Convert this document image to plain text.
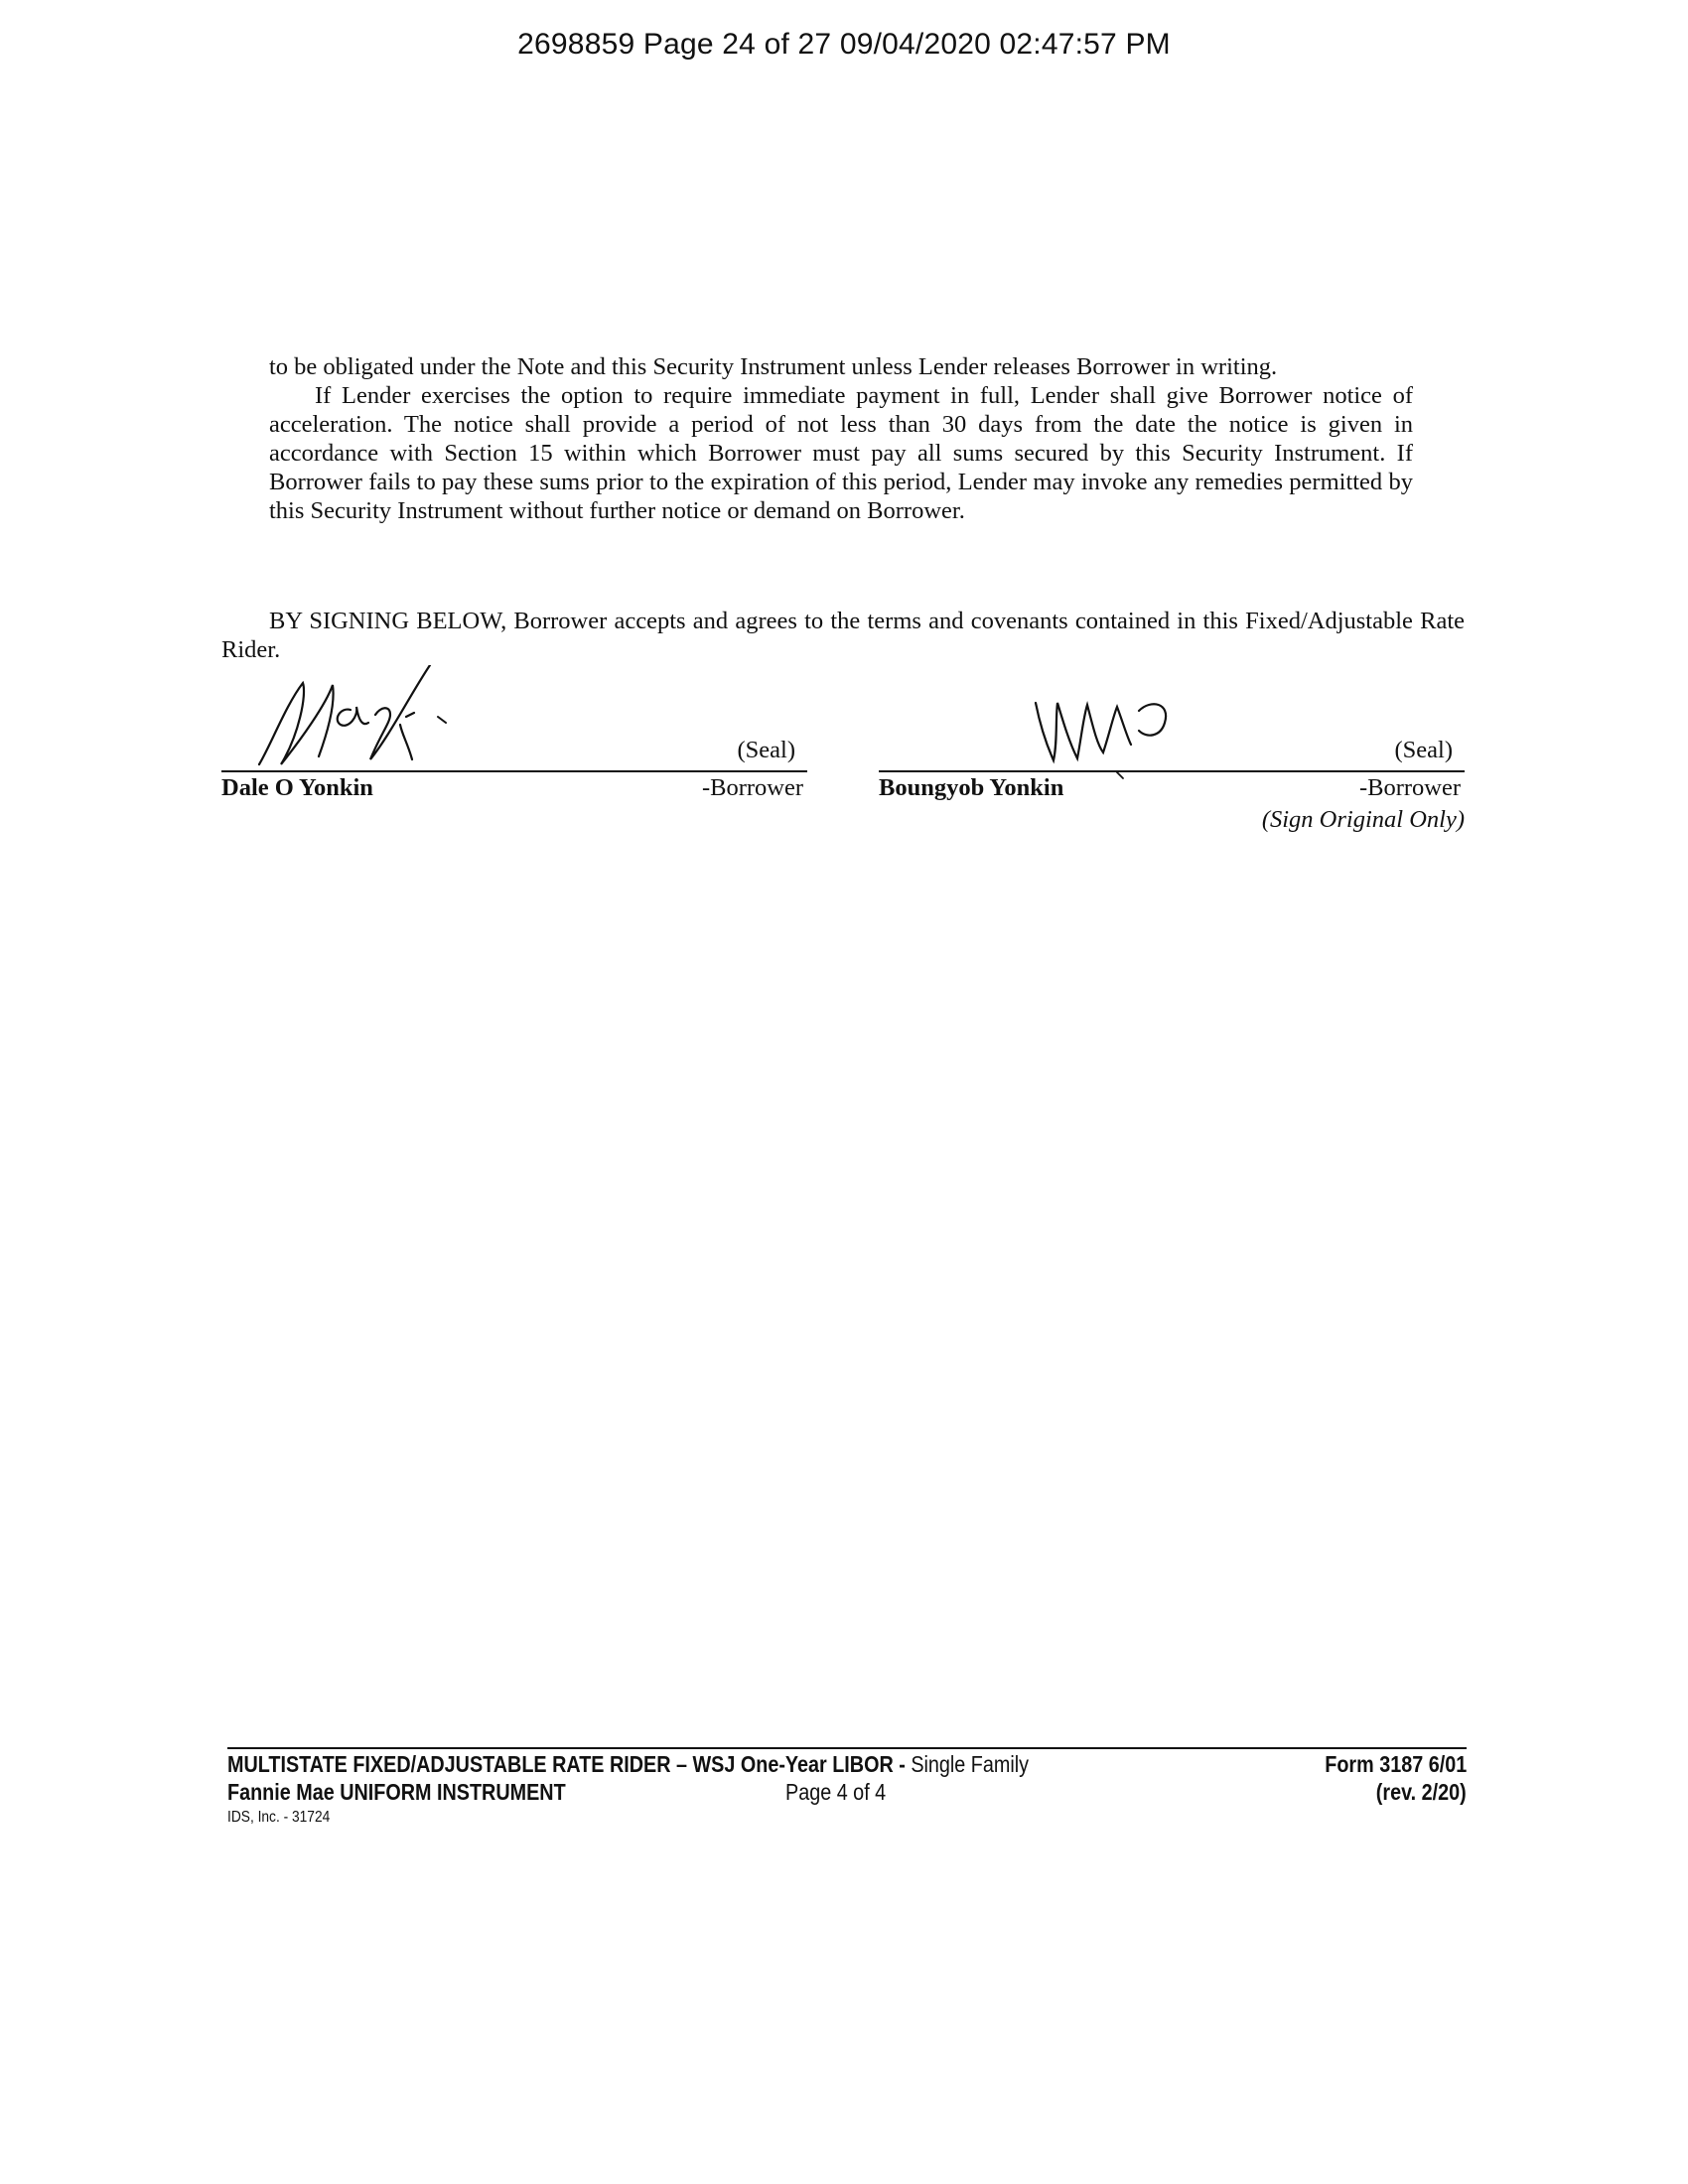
2698859 Page 24 of 27 09/04/2020 02:47:57 PM

to be obligated under the Note and this Security Instrument unless Lender releases Borrower in writing.

If Lender exercises the option to require immediate payment in full, Lender shall give Borrower notice of acceleration. The notice shall provide a period of not less than 30 days from the date the notice is given in accordance with Section 15 within which Borrower must pay all sums secured by this Security Instrument. If Borrower fails to pay these sums prior to the expiration of this period, Lender may invoke any remedies permitted by this Security Instrument without further notice or demand on Borrower.

BY SIGNING BELOW, Borrower accepts and agrees to the terms and covenants contained in this Fixed/Adjustable Rate Rider.

(Seal)
Dale O Yonkin	-Borrower
(Seal)
Boungyob Yonkin	-Borrower
(Sign Original Only)
MULTISTATE FIXED/ADJUSTABLE RATE RIDER – WSJ One-Year LIBOR - Single Family	Form 3187 6/01
Fannie Mae UNIFORM INSTRUMENT	Page 4 of 4	(rev. 2/20)
IDS, Inc. - 31724
